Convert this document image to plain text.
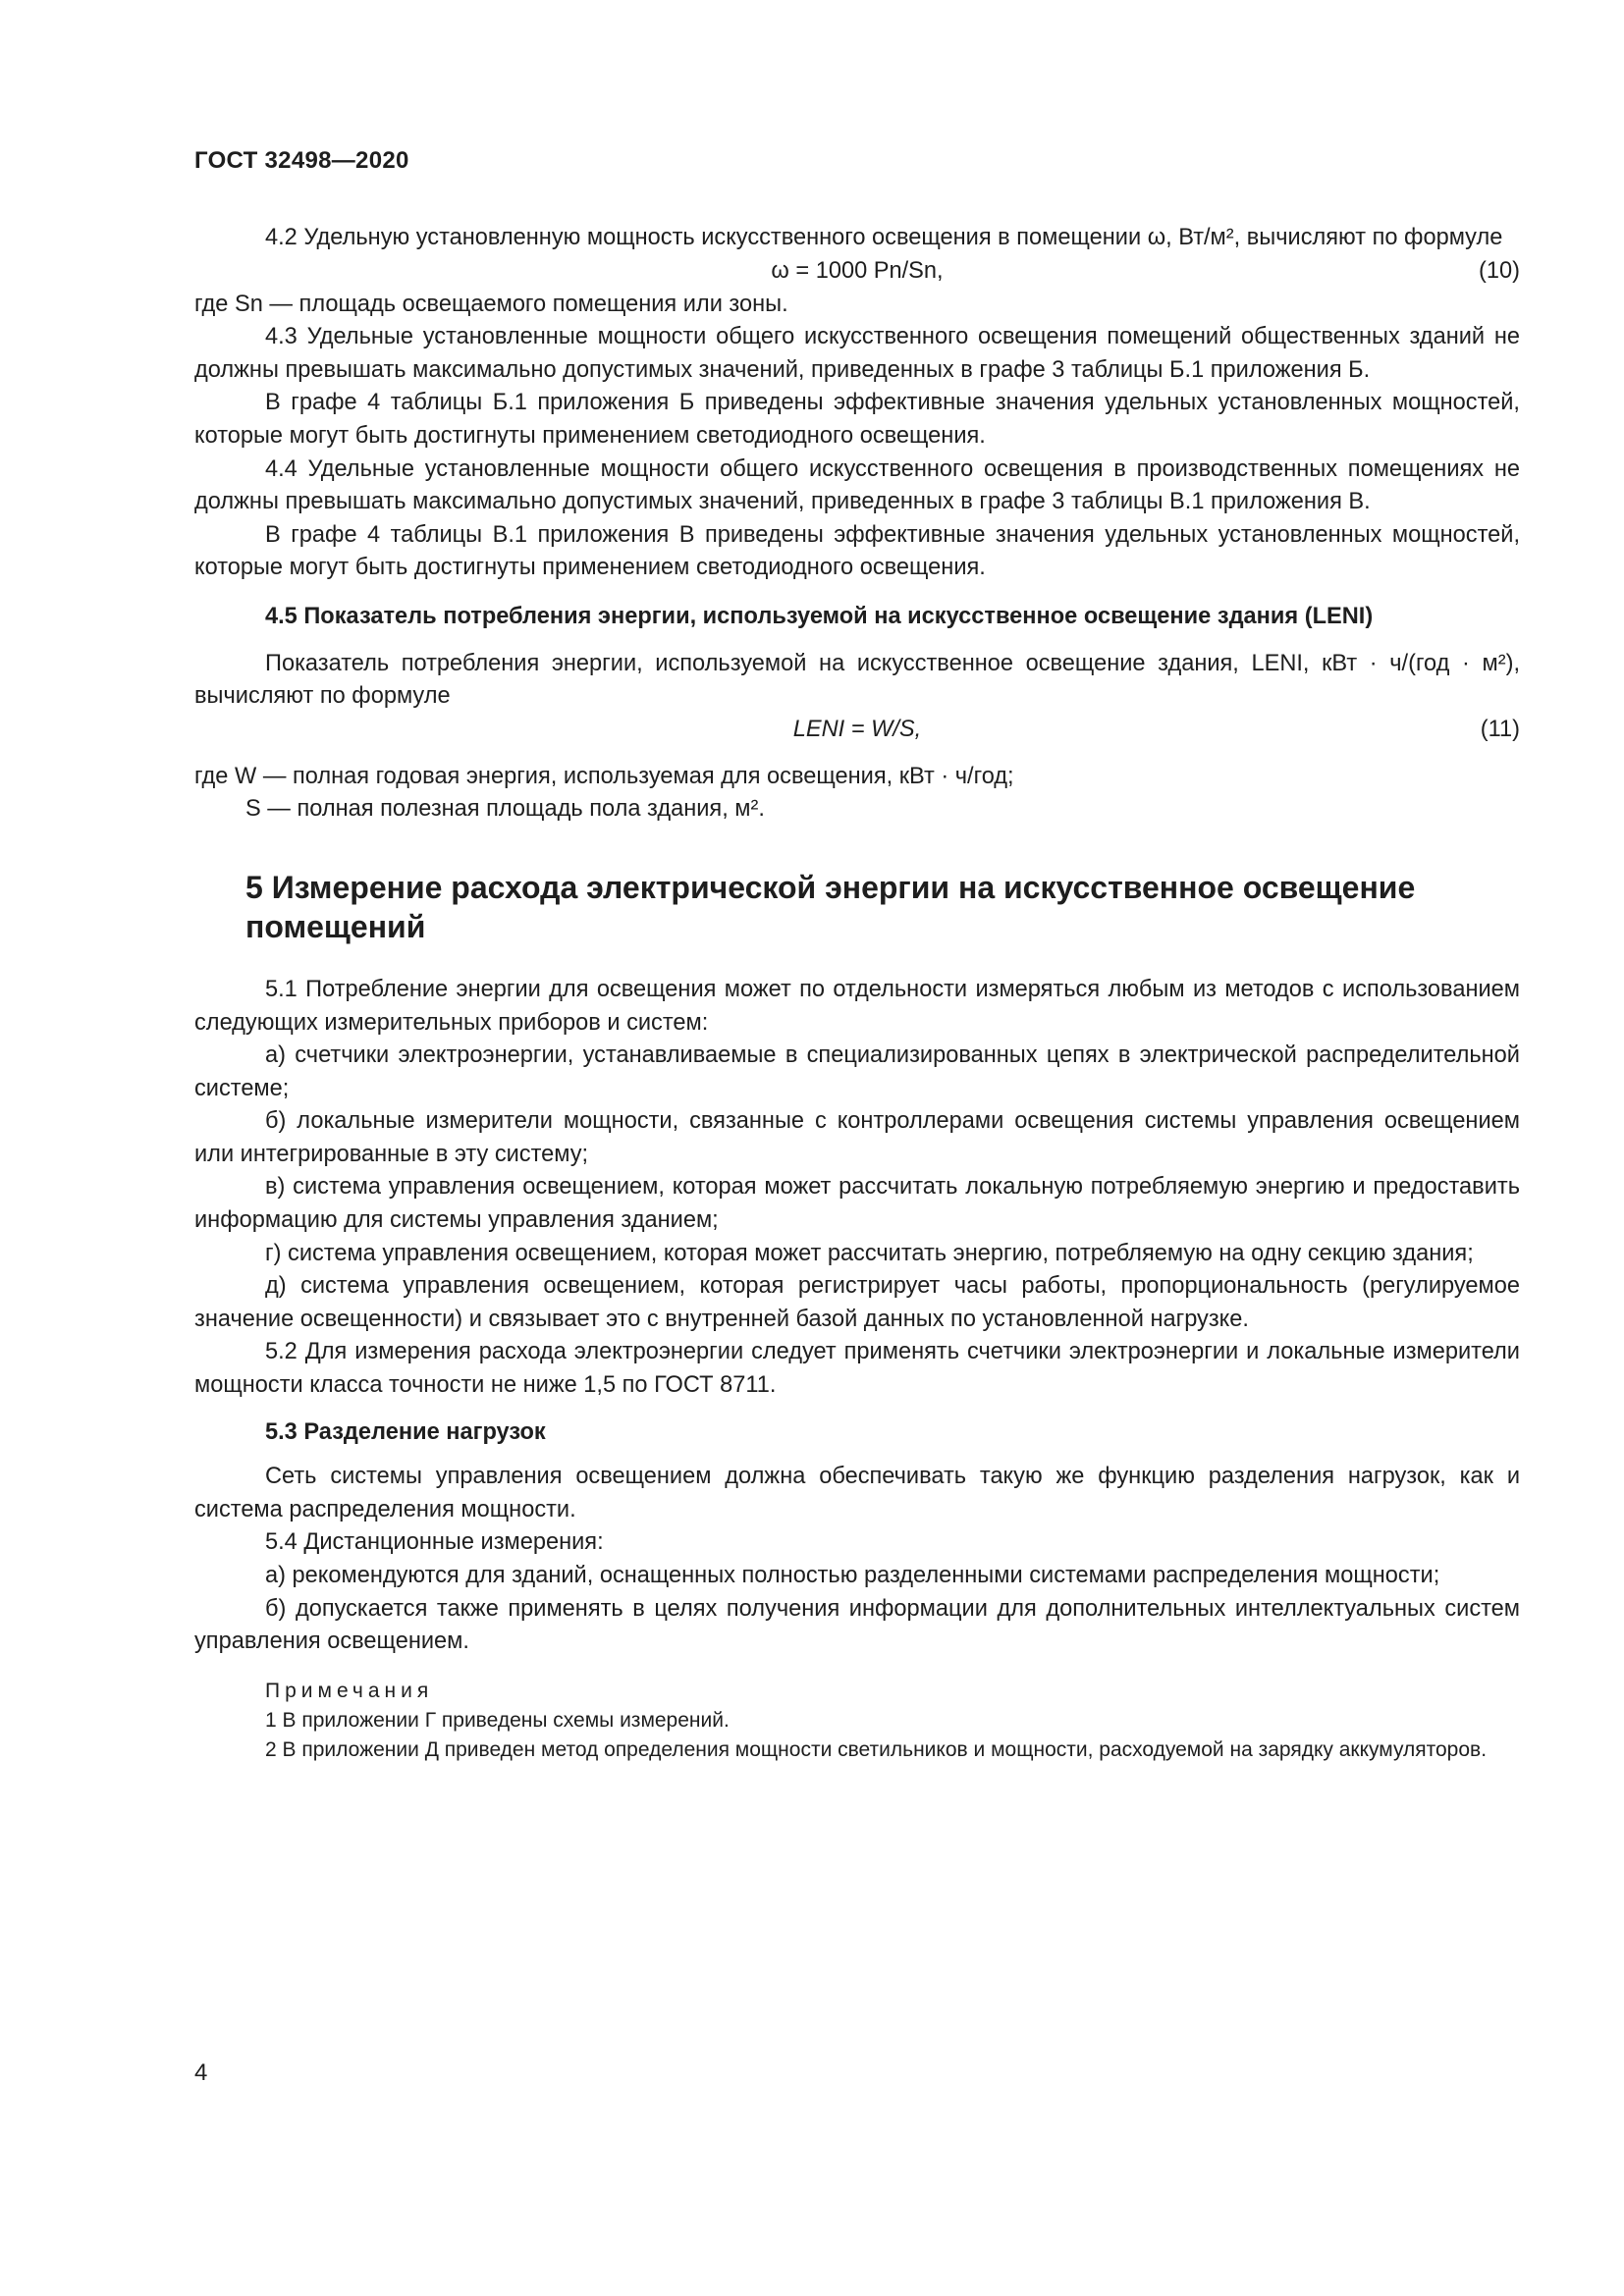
ГОСТ 32498—2020

4.2 Удельную установленную мощность искусственного освещения в помещении ω, Вт/м², вычисляют по формуле

ω = 1000 Pn/Sn,	(10)

где Sn — площадь освещаемого помещения или зоны.

4.3 Удельные установленные мощности общего искусственного освещения помещений общественных зданий не должны превышать максимально допустимых значений, приведенных в графе 3 таблицы Б.1 приложения Б.

В графе 4 таблицы Б.1 приложения Б приведены эффективные значения удельных установленных мощностей, которые могут быть достигнуты применением светодиодного освещения.

4.4 Удельные установленные мощности общего искусственного освещения в производственных помещениях не должны превышать максимально допустимых значений, приведенных в графе 3 таблицы В.1 приложения В.

В графе 4 таблицы В.1 приложения В приведены эффективные значения удельных установленных мощностей, которые могут быть достигнуты применением светодиодного освещения.

4.5 Показатель потребления энергии, используемой на искусственное освещение здания (LENI)

Показатель потребления энергии, используемой на искусственное освещение здания, LENI, кВт · ч/(год · м²), вычисляют по формуле

LENI = W/S,	(11)

где W — полная годовая энергия, используемая для освещения, кВт · ч/год;

S — полная полезная площадь пола здания, м².

5 Измерение расхода электрической энергии на искусственное освещение помещений

5.1 Потребление энергии для освещения может по отдельности измеряться любым из методов с использованием следующих измерительных приборов и систем:

а) счетчики электроэнергии, устанавливаемые в специализированных цепях в электрической распределительной системе;

б) локальные измерители мощности, связанные с контроллерами освещения системы управления освещением или интегрированные в эту систему;

в) система управления освещением, которая может рассчитать локальную потребляемую энергию и предоставить информацию для системы управления зданием;

г) система управления освещением, которая может рассчитать энергию, потребляемую на одну секцию здания;

д) система управления освещением, которая регистрирует часы работы, пропорциональность (регулируемое значение освещенности) и связывает это с внутренней базой данных по установленной нагрузке.

5.2 Для измерения расхода электроэнергии следует применять счетчики электроэнергии и локальные измерители мощности класса точности не ниже 1,5 по ГОСТ 8711.

5.3 Разделение нагрузок

Сеть системы управления освещением должна обеспечивать такую же функцию разделения нагрузок, как и система распределения мощности.

5.4 Дистанционные измерения:

а) рекомендуются для зданий, оснащенных полностью разделенными системами распределения мощности;

б) допускается также применять в целях получения информации для дополнительных интеллектуальных систем управления освещением.

Примечания

1 В приложении Г приведены схемы измерений.

2 В приложении Д приведен метод определения мощности светильников и мощности, расходуемой на зарядку аккумуляторов.

4
